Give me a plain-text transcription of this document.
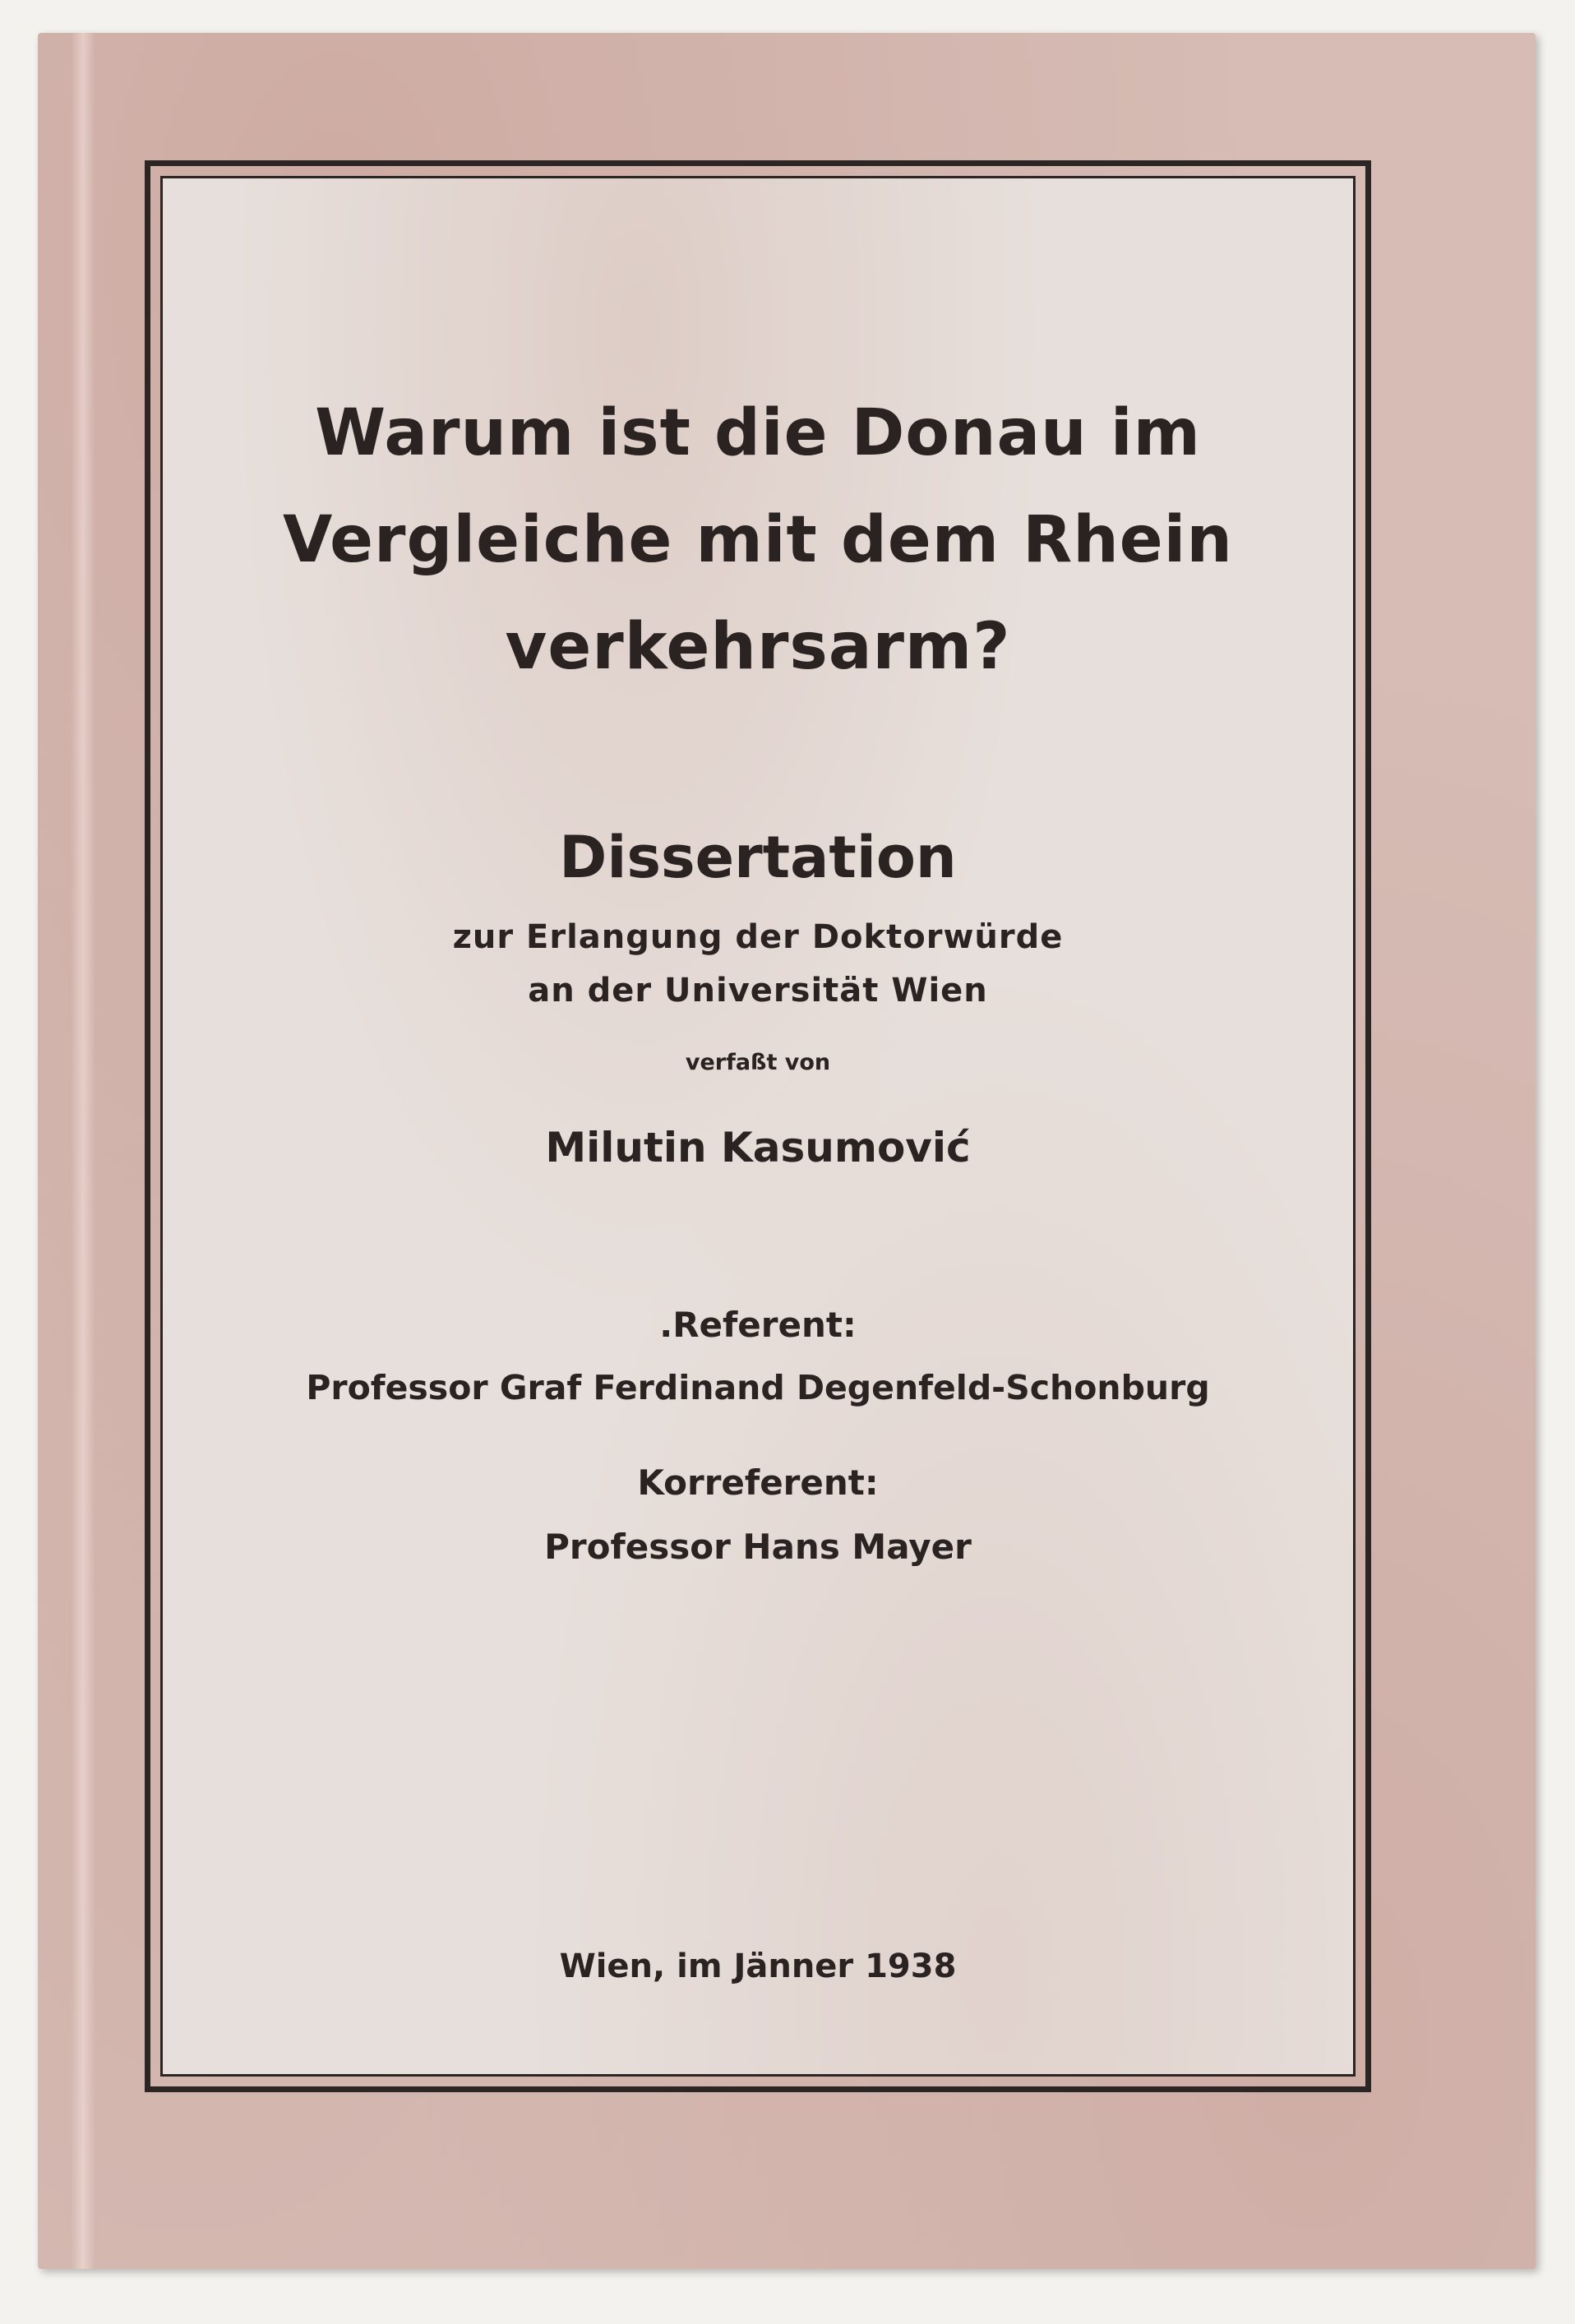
Warum ist die Donau im
Vergleiche mit dem Rhein
verkehrsarm?
Dissertation
zur Erlangung der Doktorwürde
an der Universität Wien
verfaßt von
Milutin Kasumović
.Referent:
Professor Graf Ferdinand Degenfeld-Schonburg
Korreferent:
Professor Hans Mayer
Wien, im Jänner 1938
